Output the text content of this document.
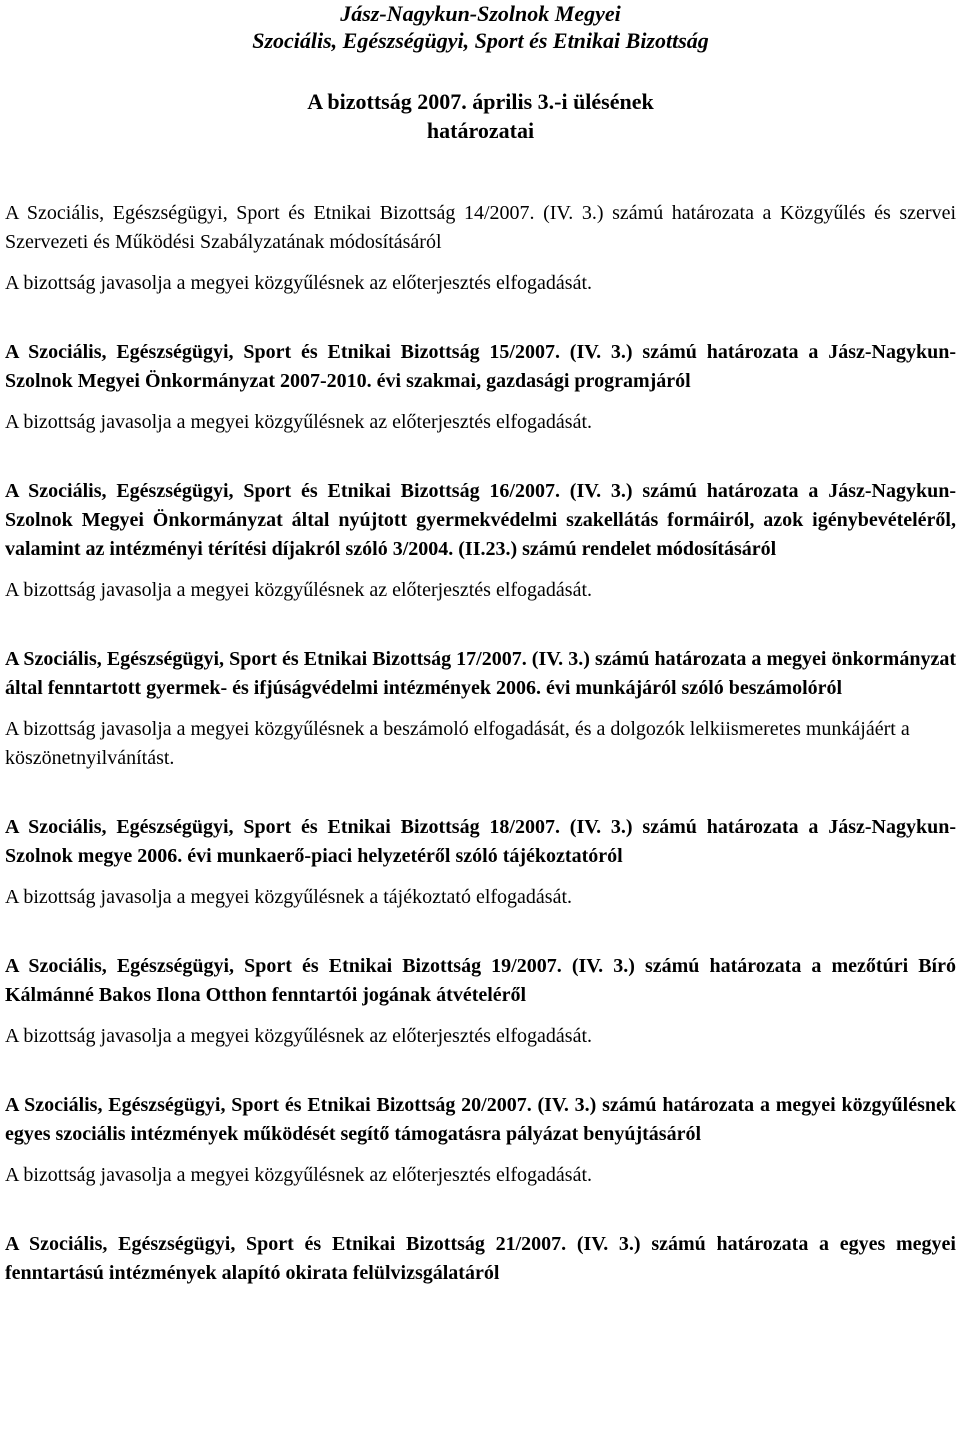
Jász-Nagykun-Szolnok Megyei
Szociális, Egészségügyi, Sport és Etnikai Bizottság
A bizottság 2007. április 3.-i ülésének
határozatai
A Szociális, Egészségügyi, Sport és Etnikai Bizottság 14/2007. (IV. 3.) számú határozata a Közgyűlés és szervei Szervezeti és Működési Szabályzatának módosításáról
A bizottság javasolja a megyei közgyűlésnek az előterjesztés elfogadását.
A Szociális, Egészségügyi, Sport és Etnikai Bizottság 15/2007. (IV. 3.) számú határozata a Jász-Nagykun-Szolnok Megyei Önkormányzat 2007-2010. évi szakmai, gazdasági programjáról
A bizottság javasolja a megyei közgyűlésnek az előterjesztés elfogadását.
A Szociális, Egészségügyi, Sport és Etnikai Bizottság 16/2007. (IV. 3.) számú határozata a Jász-Nagykun-Szolnok Megyei Önkormányzat által nyújtott gyermekvédelmi szakellátás formáiról, azok igénybevételéről, valamint az intézményi térítési díjakról szóló 3/2004. (II.23.) számú rendelet módosításáról
A bizottság javasolja a megyei közgyűlésnek az előterjesztés elfogadását.
A Szociális, Egészségügyi, Sport és Etnikai Bizottság 17/2007. (IV. 3.) számú határozata a megyei önkormányzat által fenntartott gyermek- és ifjúságvédelmi intézmények 2006. évi munkájáról szóló beszámolóról
A bizottság javasolja a megyei közgyűlésnek a beszámoló elfogadását, és a dolgozók lelkiismeretes munkájáért a köszönetnyilvánítást.
A Szociális, Egészségügyi, Sport és Etnikai Bizottság 18/2007. (IV. 3.) számú határozata a Jász-Nagykun-Szolnok megye 2006. évi munkaerő-piaci helyzetéről szóló tájékoztatóról
A bizottság javasolja a megyei közgyűlésnek a tájékoztató elfogadását.
A Szociális, Egészségügyi, Sport és Etnikai Bizottság 19/2007. (IV. 3.) számú határozata a mezőtúri Bíró Kálmánné Bakos Ilona Otthon fenntartói jogának átvételéről
A bizottság javasolja a megyei közgyűlésnek az előterjesztés elfogadását.
A Szociális, Egészségügyi, Sport és Etnikai Bizottság 20/2007. (IV. 3.) számú határozata a megyei közgyűlésnek egyes szociális intézmények működését segítő támogatásra pályázat benyújtásáról
A bizottság javasolja a megyei közgyűlésnek az előterjesztés elfogadását.
A Szociális, Egészségügyi, Sport és Etnikai Bizottság 21/2007. (IV. 3.) számú határozata a egyes megyei fenntartású intézmények alapító okirata felülvizsgálatáról
